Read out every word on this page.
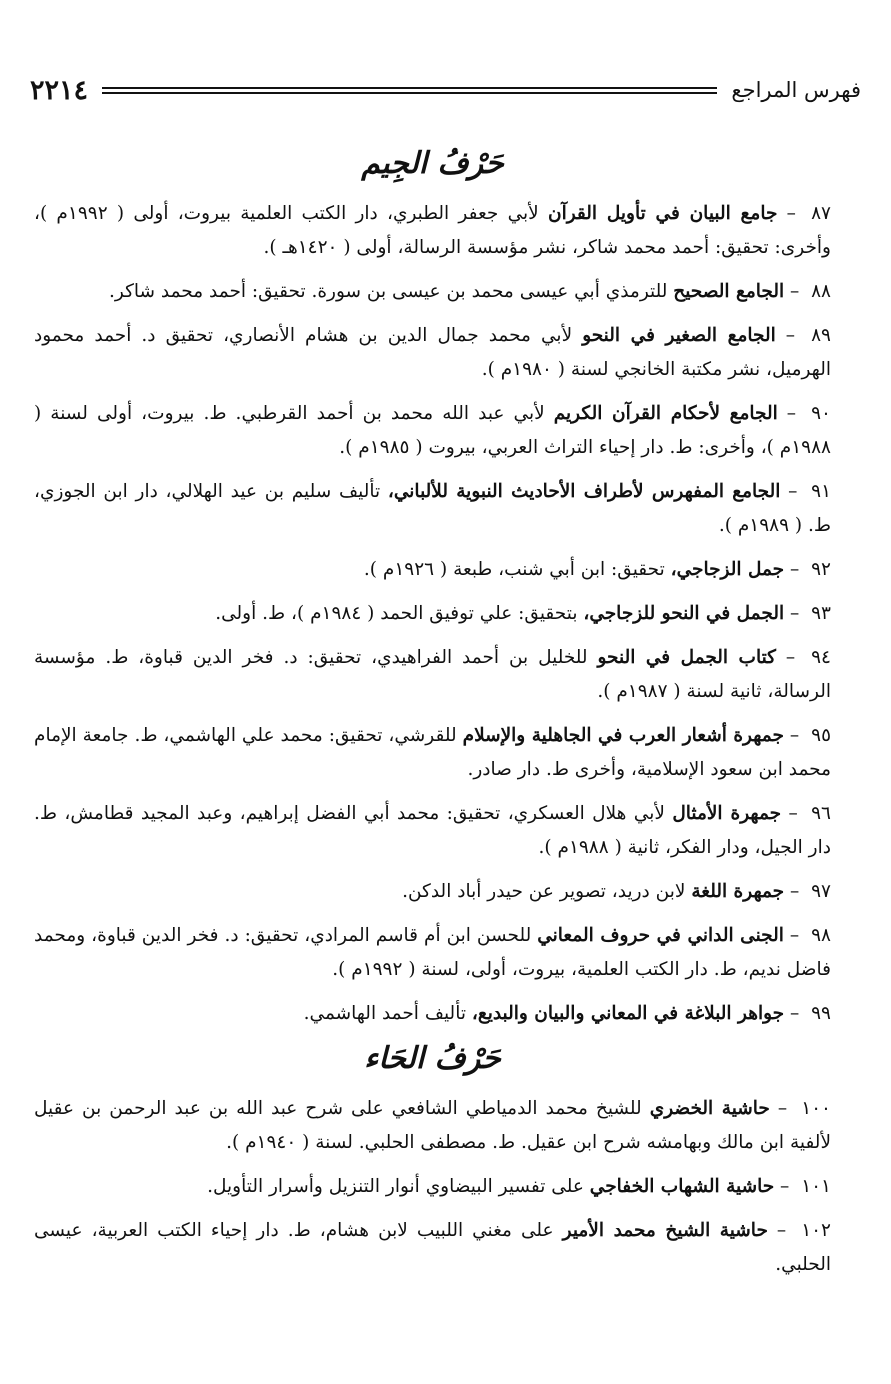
٢٢١٤	فهرس المراجع
حَرْفُ الجِيم

٨٧ – جامع البيان في تأويل القرآن لأبي جعفر الطبري، دار الكتب العلمية بيروت، أولى ( ١٩٩٢م )، وأخرى: تحقيق: أحمد محمد شاكر، نشر مؤسسة الرسالة، أولى ( ١٤٢٠هـ ).

٨٨ – الجامع الصحيح للترمذي أبي عيسى محمد بن عيسى بن سورة. تحقيق: أحمد محمد شاكر.

٨٩ – الجامع الصغير في النحو لأبي محمد جمال الدين بن هشام الأنصاري، تحقيق د. أحمد محمود الهرميل، نشر مكتبة الخانجي لسنة ( ١٩٨٠م ).

٩٠ – الجامع لأحكام القرآن الكريم لأبي عبد الله محمد بن أحمد القرطبي. ط. بيروت، أولى لسنة ( ١٩٨٨م )، وأخرى: ط. دار إحياء التراث العربي، بيروت ( ١٩٨٥م ).

٩١ – الجامع المفهرس لأطراف الأحاديث النبوية للألباني، تأليف سليم بن عيد الهلالي، دار ابن الجوزي، ط. ( ١٩٨٩م ).

٩٢ – جمل الزجاجي، تحقيق: ابن أبي شنب، طبعة ( ١٩٢٦م ).

٩٣ – الجمل في النحو للزجاجي، بتحقيق: علي توفيق الحمد ( ١٩٨٤م )، ط. أولى.

٩٤ – كتاب الجمل في النحو للخليل بن أحمد الفراهيدي، تحقيق: د. فخر الدين قباوة، ط. مؤسسة الرسالة، ثانية لسنة ( ١٩٨٧م ).

٩٥ – جمهرة أشعار العرب في الجاهلية والإسلام للقرشي، تحقيق: محمد علي الهاشمي، ط. جامعة الإمام محمد ابن سعود الإسلامية، وأخرى ط. دار صادر.

٩٦ – جمهرة الأمثال لأبي هلال العسكري، تحقيق: محمد أبي الفضل إبراهيم، وعبد المجيد قطامش، ط. دار الجيل، ودار الفكر، ثانية ( ١٩٨٨م ).

٩٧ – جمهرة اللغة لابن دريد، تصوير عن حيدر أباد الدكن.

٩٨ – الجنى الداني في حروف المعاني للحسن ابن أم قاسم المرادي، تحقيق: د. فخر الدين قباوة، ومحمد فاضل نديم، ط. دار الكتب العلمية، بيروت، أولى، لسنة ( ١٩٩٢م ).

٩٩ – جواهر البلاغة في المعاني والبيان والبديع، تأليف أحمد الهاشمي.

حَرْفُ الحَاء

١٠٠ – حاشية الخضري للشيخ محمد الدمياطي الشافعي على شرح عبد الله بن عبد الرحمن بن عقيل لألفية ابن مالك وبهامشه شرح ابن عقيل. ط. مصطفى الحلبي. لسنة ( ١٩٤٠م ).

١٠١ – حاشية الشهاب الخفاجي على تفسير البيضاوي أنوار التنزيل وأسرار التأويل.

١٠٢ – حاشية الشيخ محمد الأمير على مغني اللبيب لابن هشام، ط. دار إحياء الكتب العربية، عيسى الحلبي.
